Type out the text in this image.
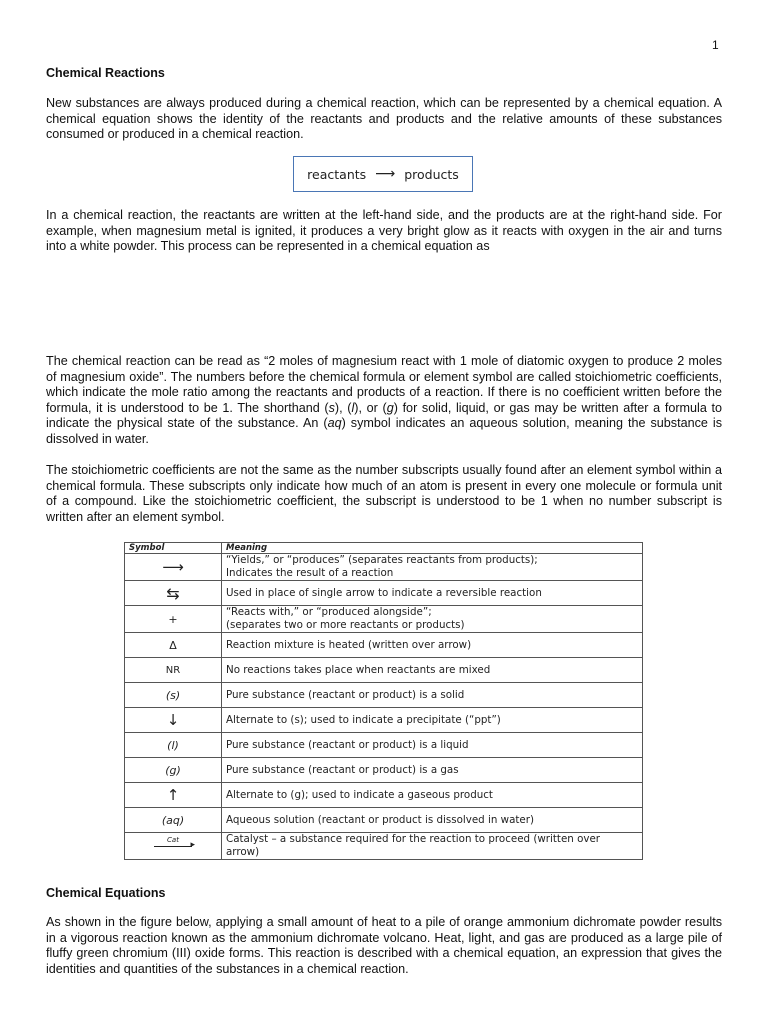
1
Chemical Reactions

New substances are always produced during a chemical reaction, which can be represented by a chemical equation. A chemical equation shows the identity of the reactants and products and the relative amounts of these substances consumed or produced in a chemical reaction.

reactants ⟶ products

In a chemical reaction, the reactants are written at the left-hand side, and the products are at the right-hand side. For example, when magnesium metal is ignited, it produces a very bright glow as it reacts with oxygen in the air and turns into a white powder. This process can be represented in a chemical equation as

The chemical reaction can be read as “2 moles of magnesium react with 1 mole of diatomic oxygen to produce 2 moles of magnesium oxide”. The numbers before the chemical formula or element symbol are called stoichiometric coefficients, which indicate the mole ratio among the reactants and products of a reaction. If there is no coefficient written before the formula, it is understood to be 1. The shorthand (s), (l), or (g) for solid, liquid, or gas may be written after a formula to indicate the physical state of the substance. An (aq) symbol indicates an aqueous solution, meaning the substance is dissolved in water.

The stoichiometric coefficients are not the same as the number subscripts usually found after an element symbol within a chemical formula. These subscripts only indicate how much of an atom is present in every one molecule or formula unit of a compound. Like the stoichiometric coefficient, the subscript is understood to be 1 when no number subscript is written after an element symbol.

Symbol	Meaning
⟶	“Yields,” or “produces” (separates reactants from products);
Indicates the result of a reaction
⇆	Used in place of single arrow to indicate a reversible reaction
+	“Reacts with,” or “produced alongside”;
(separates two or more reactants or products)
Δ	Reaction mixture is heated (written over arrow)
NR	No reactions takes place when reactants are mixed
(s)	Pure substance (reactant or product) is a solid
↓	Alternate to (s); used to indicate a precipitate (“ppt”)
(l)	Pure substance (reactant or product) is a liquid
(g)	Pure substance (reactant or product) is a gas
↑	Alternate to (g); used to indicate a gaseous product
(aq)	Aqueous solution (reactant or product is dissolved in water)

Cat ▸	Catalyst – a substance required for the reaction to proceed (written over
arrow)
Chemical Equations

As shown in the figure below, applying a small amount of heat to a pile of orange ammonium dichromate powder results in a vigorous reaction known as the ammonium dichromate volcano. Heat, light, and gas are produced as a large pile of fluffy green chromium (III) oxide forms. This reaction is described with a chemical equation, an expression that gives the identities and quantities of the substances in a chemical reaction.
